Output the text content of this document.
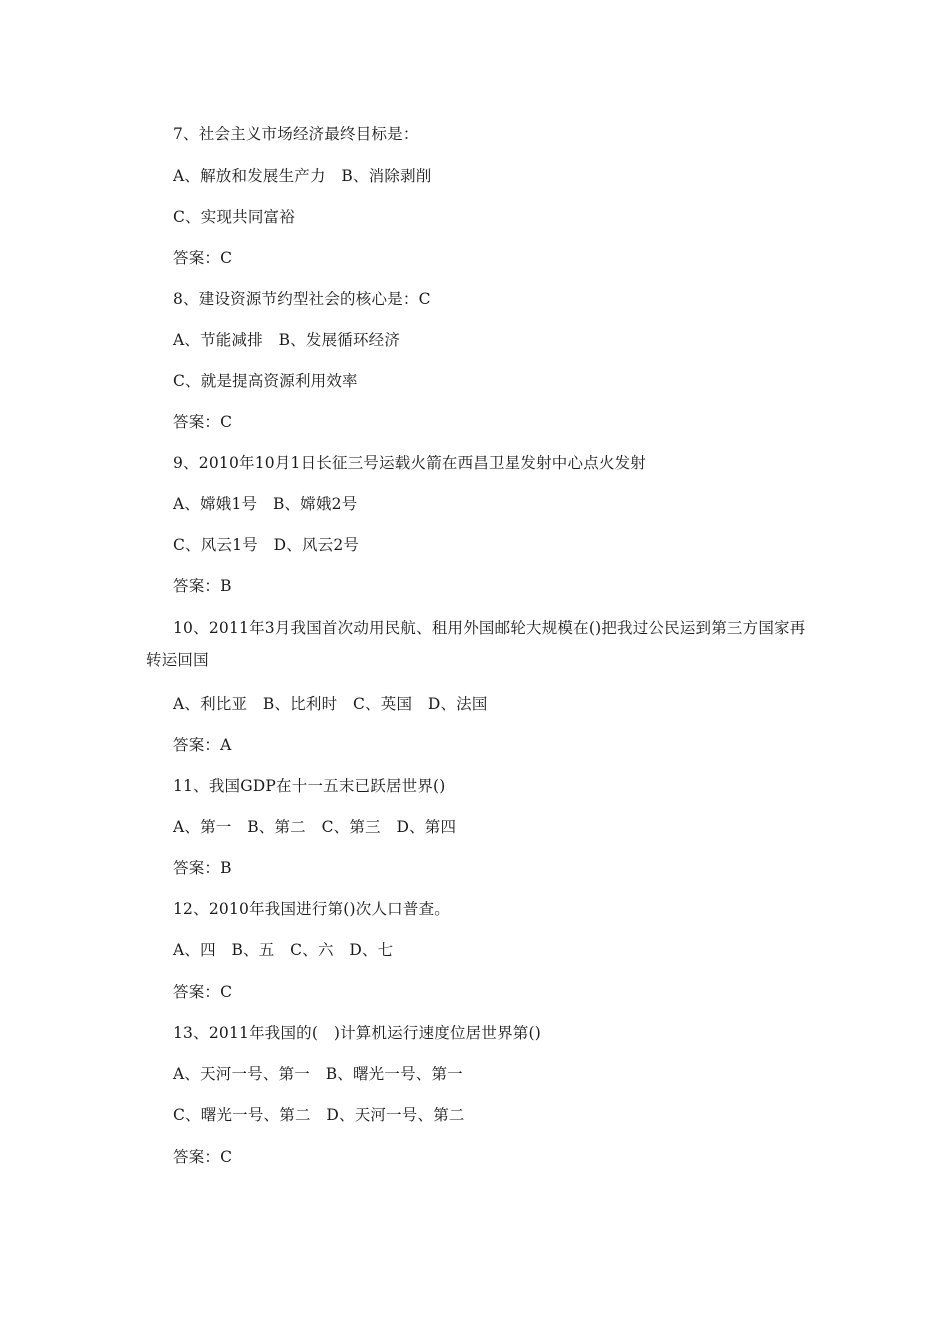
7、社会主义市场经济最终目标是：
A、解放和发展生产力　B、消除剥削
C、实现共同富裕
答案：C
8、建设资源节约型社会的核心是：C
A、节能减排　B、发展循环经济
C、就是提高资源利用效率
答案：C
9、2010年10月1日长征三号运载火箭在西昌卫星发射中心点火发射
A、嫦娥1号　B、嫦娥2号
C、风云1号　D、风云2号
答案：B
10、2011年3月我国首次动用民航、租用外国邮轮大规模在()把我过公民运到第三方国家再转运回国
A、利比亚　B、比利时　C、英国　D、法国
答案：A
11、我国GDP在十一五末已跃居世界()
A、第一　B、第二　C、第三　D、第四
答案：B
12、2010年我国进行第()次人口普查。
A、四　B、五　C、六　D、七
答案：C
13、2011年我国的(　)计算机运行速度位居世界第()
A、天河一号、第一　B、曙光一号、第一
C、曙光一号、第二　D、天河一号、第二
答案：C
